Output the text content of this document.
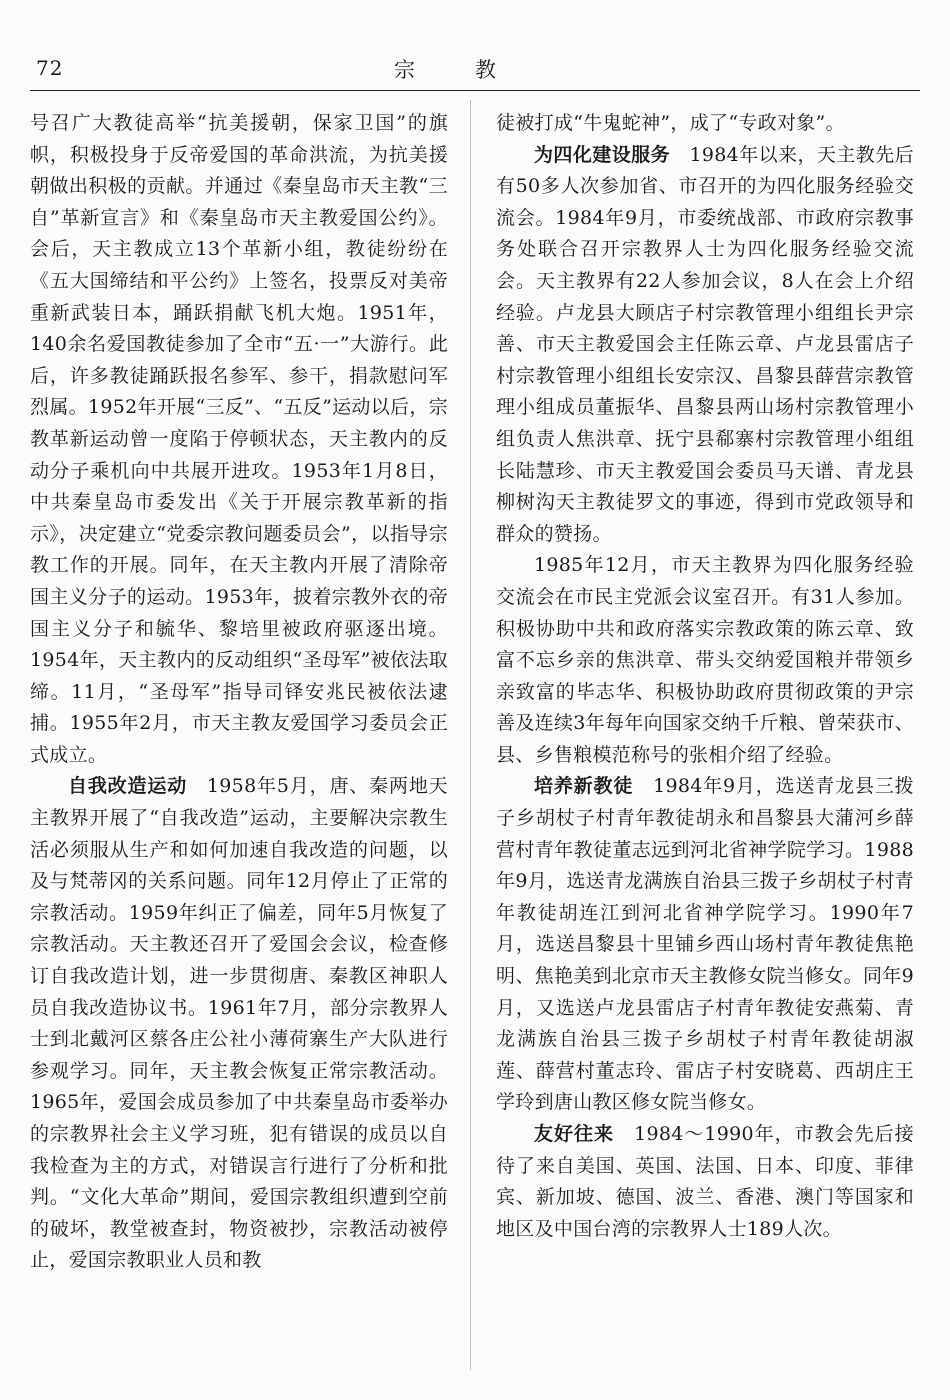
72	宗教

号召广大教徒高举“抗美援朝，保家卫国”的旗帜，积极投身于反帝爱国的革命洪流，为抗美援朝做出积极的贡献。并通过《秦皇岛市天主教“三自”革新宣言》和《秦皇岛市天主教爱国公约》。会后，天主教成立13个革新小组，教徒纷纷在《五大国缔结和平公约》上签名，投票反对美帝重新武装日本，踊跃捐献飞机大炮。1951年，140余名爱国教徒参加了全市“五·一”大游行。此后，许多教徒踊跃报名参军、参干，捐款慰问军烈属。1952年开展“三反”、“五反”运动以后，宗教革新运动曾一度陷于停顿状态，天主教内的反动分子乘机向中共展开进攻。1953年1月8日，中共秦皇岛市委发出《关于开展宗教革新的指示》，决定建立“党委宗教问题委员会”，以指导宗教工作的开展。同年，在天主教内开展了清除帝国主义分子的运动。1953年，披着宗教外衣的帝国主义分子和毓华、黎培里被政府驱逐出境。1954年，天主教内的反动组织“圣母军”被依法取缔。11月，“圣母军”指导司铎安兆民被依法逮捕。1955年2月，市天主教友爱国学习委员会正式成立。

自我改造运动　 1958年5月，唐、秦两地天主教界开展了“自我改造”运动，主要解决宗教生活必须服从生产和如何加速自我改造的问题，以及与梵蒂冈的关系问题。同年12月停止了正常的宗教活动。1959年纠正了偏差，同年5月恢复了宗教活动。天主教还召开了爱国会会议，检查修订自我改造计划，进一步贯彻唐、秦教区神职人员自我改造协议书。1961年7月，部分宗教界人士到北戴河区蔡各庄公社小薄荷寨生产大队进行参观学习。同年，天主教会恢复正常宗教活动。1965年，爱国会成员参加了中共秦皇岛市委举办的宗教界社会主义学习班，犯有错误的成员以自我检查为主的方式，对错误言行进行了分析和批判。“文化大革命”期间，爱国宗教组织遭到空前的破坏，教堂被查封，物资被抄，宗教活动被停止，爱国宗教职业人员和教

徒被打成“牛鬼蛇神”，成了“专政对象”。

为四化建设服务　 1984年以来，天主教先后有50多人次参加省、市召开的为四化服务经验交流会。1984年9月，市委统战部、市政府宗教事务处联合召开宗教界人士为四化服务经验交流会。天主教界有22人参加会议，8人在会上介绍经验。卢龙县大顾店子村宗教管理小组组长尹宗善、市天主教爱国会主任陈云章、卢龙县雷店子村宗教管理小组组长安宗汉、昌黎县薛营宗教管理小组成员董振华、昌黎县两山场村宗教管理小组负责人焦洪章、抚宁县郗寨村宗教管理小组组长陆慧珍、市天主教爱国会委员马天谱、青龙县柳树沟天主教徒罗文的事迹，得到市党政领导和群众的赞扬。

1985年12月，市天主教界为四化服务经验交流会在市民主党派会议室召开。有31人参加。积极协助中共和政府落实宗教政策的陈云章、致富不忘乡亲的焦洪章、带头交纳爱国粮并带领乡亲致富的毕志华、积极协助政府贯彻政策的尹宗善及连续3年每年向国家交纳千斤粮、曾荣获市、县、乡售粮模范称号的张相介绍了经验。

培养新教徒　 1984年9月，选送青龙县三拨子乡胡杖子村青年教徒胡永和昌黎县大蒲河乡薛营村青年教徒董志远到河北省神学院学习。1988年9月，选送青龙满族自治县三拨子乡胡杖子村青年教徒胡连江到河北省神学院学习。1990年7月，选送昌黎县十里铺乡西山场村青年教徒焦艳明、焦艳美到北京市天主教修女院当修女。同年9月，又选送卢龙县雷店子村青年教徒安燕菊、青龙满族自治县三拨子乡胡杖子村青年教徒胡淑莲、薛营村董志玲、雷店子村安晓葛、西胡庄王学玲到唐山教区修女院当修女。

友好往来　 1984～1990年，市教会先后接待了来自美国、英国、法国、日本、印度、菲律宾、新加坡、德国、波兰、香港、澳门等国家和地区及中国台湾的宗教界人士189人次。
